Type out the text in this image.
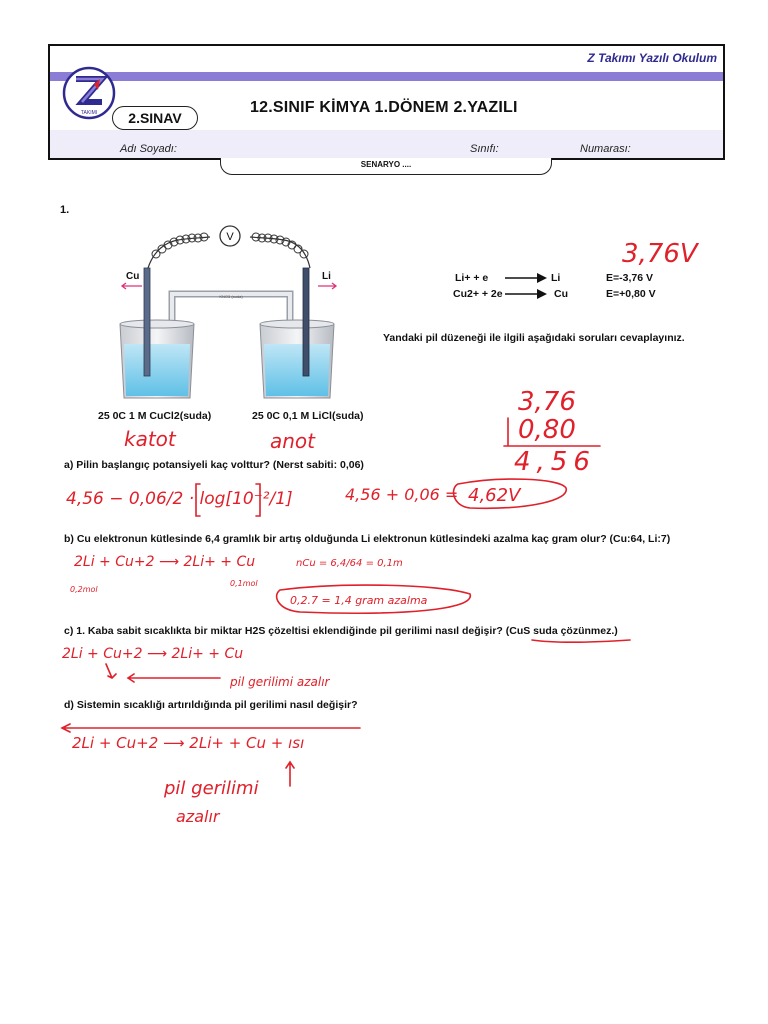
Z Takımı Yazılı Okulum
TAKIMI	2.SINAV
12.SINIF KİMYA 1.DÖNEM 2.YAZILI
Adı Soyadı:	Sınıfı:	Numarası:
SENARYO ....
1.
V
Cu	Li
KNO3 (suda)
25 0C 1 M CuCl2(suda)	25 0C 0,1 M LiCl(suda)
Li+ + e → Li	E=-3,76 V
Cu2+ + 2e → Cu	E=+0,80 V
Yandaki pil düzeneği ile ilgili aşağıdaki soruları cevaplayınız.
a) Pilin başlangıç potansiyeli kaç volttur? (Nerst sabiti: 0,06)
b) Cu elektronun kütlesinde 6,4 gramlık bir artış olduğunda Li elektronun kütlesindeki azalma kaç gram olur? (Cu:64, Li:7)
c) 1. Kaba sabit sıcaklıkta bir miktar H2S çözeltisi eklendiğinde pil gerilimi nasıl değişir? (CuS suda çözünmez.)
d) Sistemin sıcaklığı artırıldığında pil gerilimi nasıl değişir?
3,76V
3,76
0,80
4,56
katot	anot
4,56 − 0,06/2 · log[10⁻²/1]	4,56 + 0,06 = 4,62V
2Li + Cu+2 ⟶ 2Li+ + Cu
0,2mol
0,1mol
nCu = 6,4/64 = 0,1m
0,2.7 = 1,4 gram azalma
2Li + Cu+2 ⟶ 2Li+ + Cu
pil gerilimi azalır
2Li + Cu+2 ⟶ 2Li+ + Cu + ısı
pil gerilimi
azalır
